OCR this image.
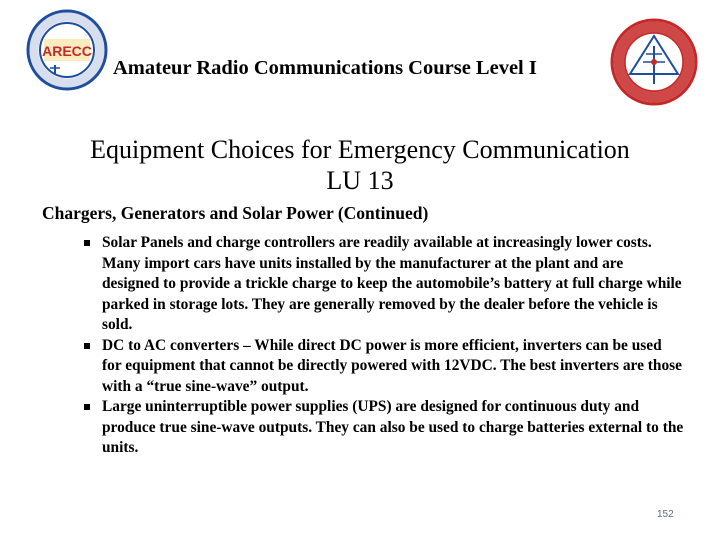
ARECC
Amateur Radio Communications Course Level I
Equipment Choices for Emergency Communication
LU 13
Chargers, Generators and Solar Power (Continued)
Solar Panels and charge controllers are readily available at increasingly lower costs. Many import cars have units installed by the manufacturer at the plant and are designed to provide a trickle charge to keep the automobile’s battery at full charge while parked in storage lots. They are generally removed by the dealer before the vehicle is sold.
DC to AC converters – While direct DC power is more efficient, inverters can be used for equipment that cannot be directly powered with 12VDC. The best inverters are those with a “true sine-wave” output.
Large uninterruptible power supplies (UPS) are designed for continuous duty and produce true sine-wave outputs. They can also be used to charge batteries external to the units.
152
